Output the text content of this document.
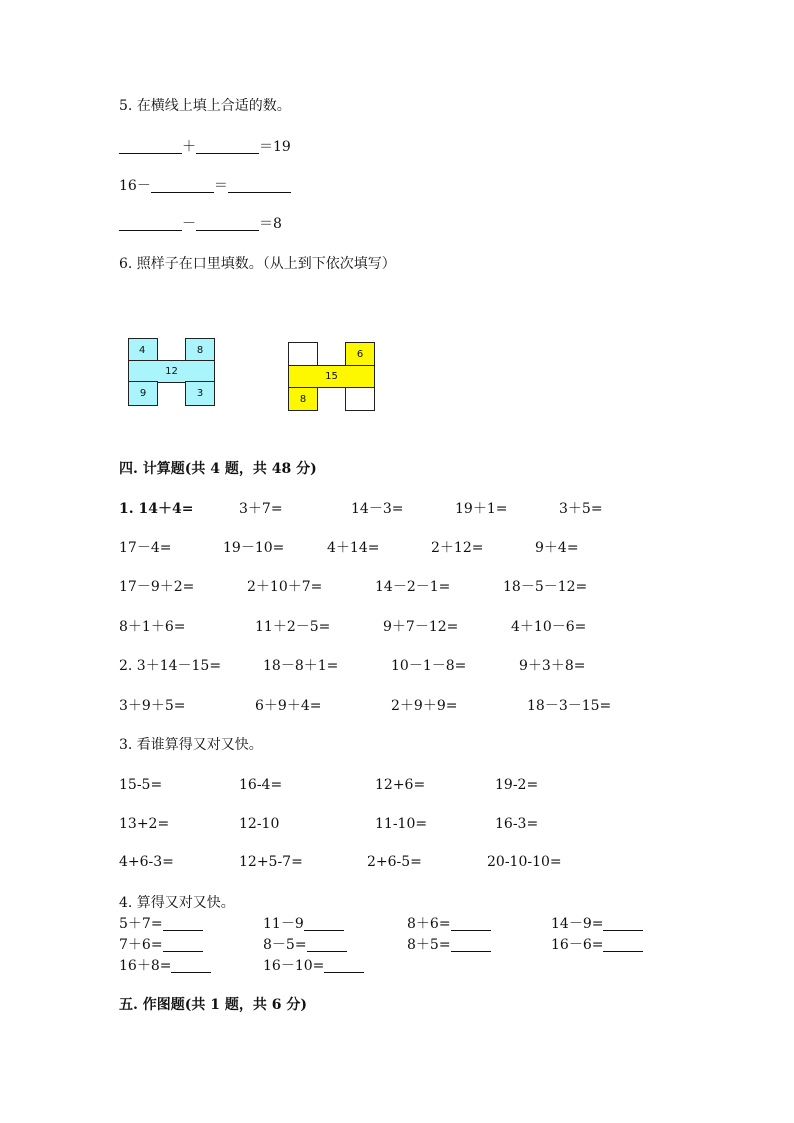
5. 在横线上填上合适的数。
＋	＝19
16－	＝
－	＝8
6. 照样子在口里填数。（从上到下依次填写）
4	8
12
9	3
6
15
8
四. 计算题(共 4 题，共 48 分)
1. 14＋4=	3＋7=	14－3=	19＋1=	3＋5=
17－4=	19－10=	4＋14=	2＋12=	9＋4=
17－9＋2=	2＋10＋7=	14－2－1=	18－5－12=
8＋1＋6=	11＋2－5=	9＋7－12=	4＋10－6=
2. 3＋14－15=	18－8＋1=	10－1－8=	9＋3＋8=
3＋9＋5=	6＋9＋4=	2＋9＋9=	18－3－15=
3. 看谁算得又对又快。
15-5=	16-4=	12+6=	19-2=
13+2=	12-10	11-10=	16-3=
4+6-3=	12+5-7=	2+6-5=	20-10-10=
4. 算得又对又快。
5＋7=	11－9	8＋6=	14－9=
7＋6=	8－5=	8＋5=	16－6=
16＋8=	16－10=
五. 作图题(共 1 题，共 6 分)
